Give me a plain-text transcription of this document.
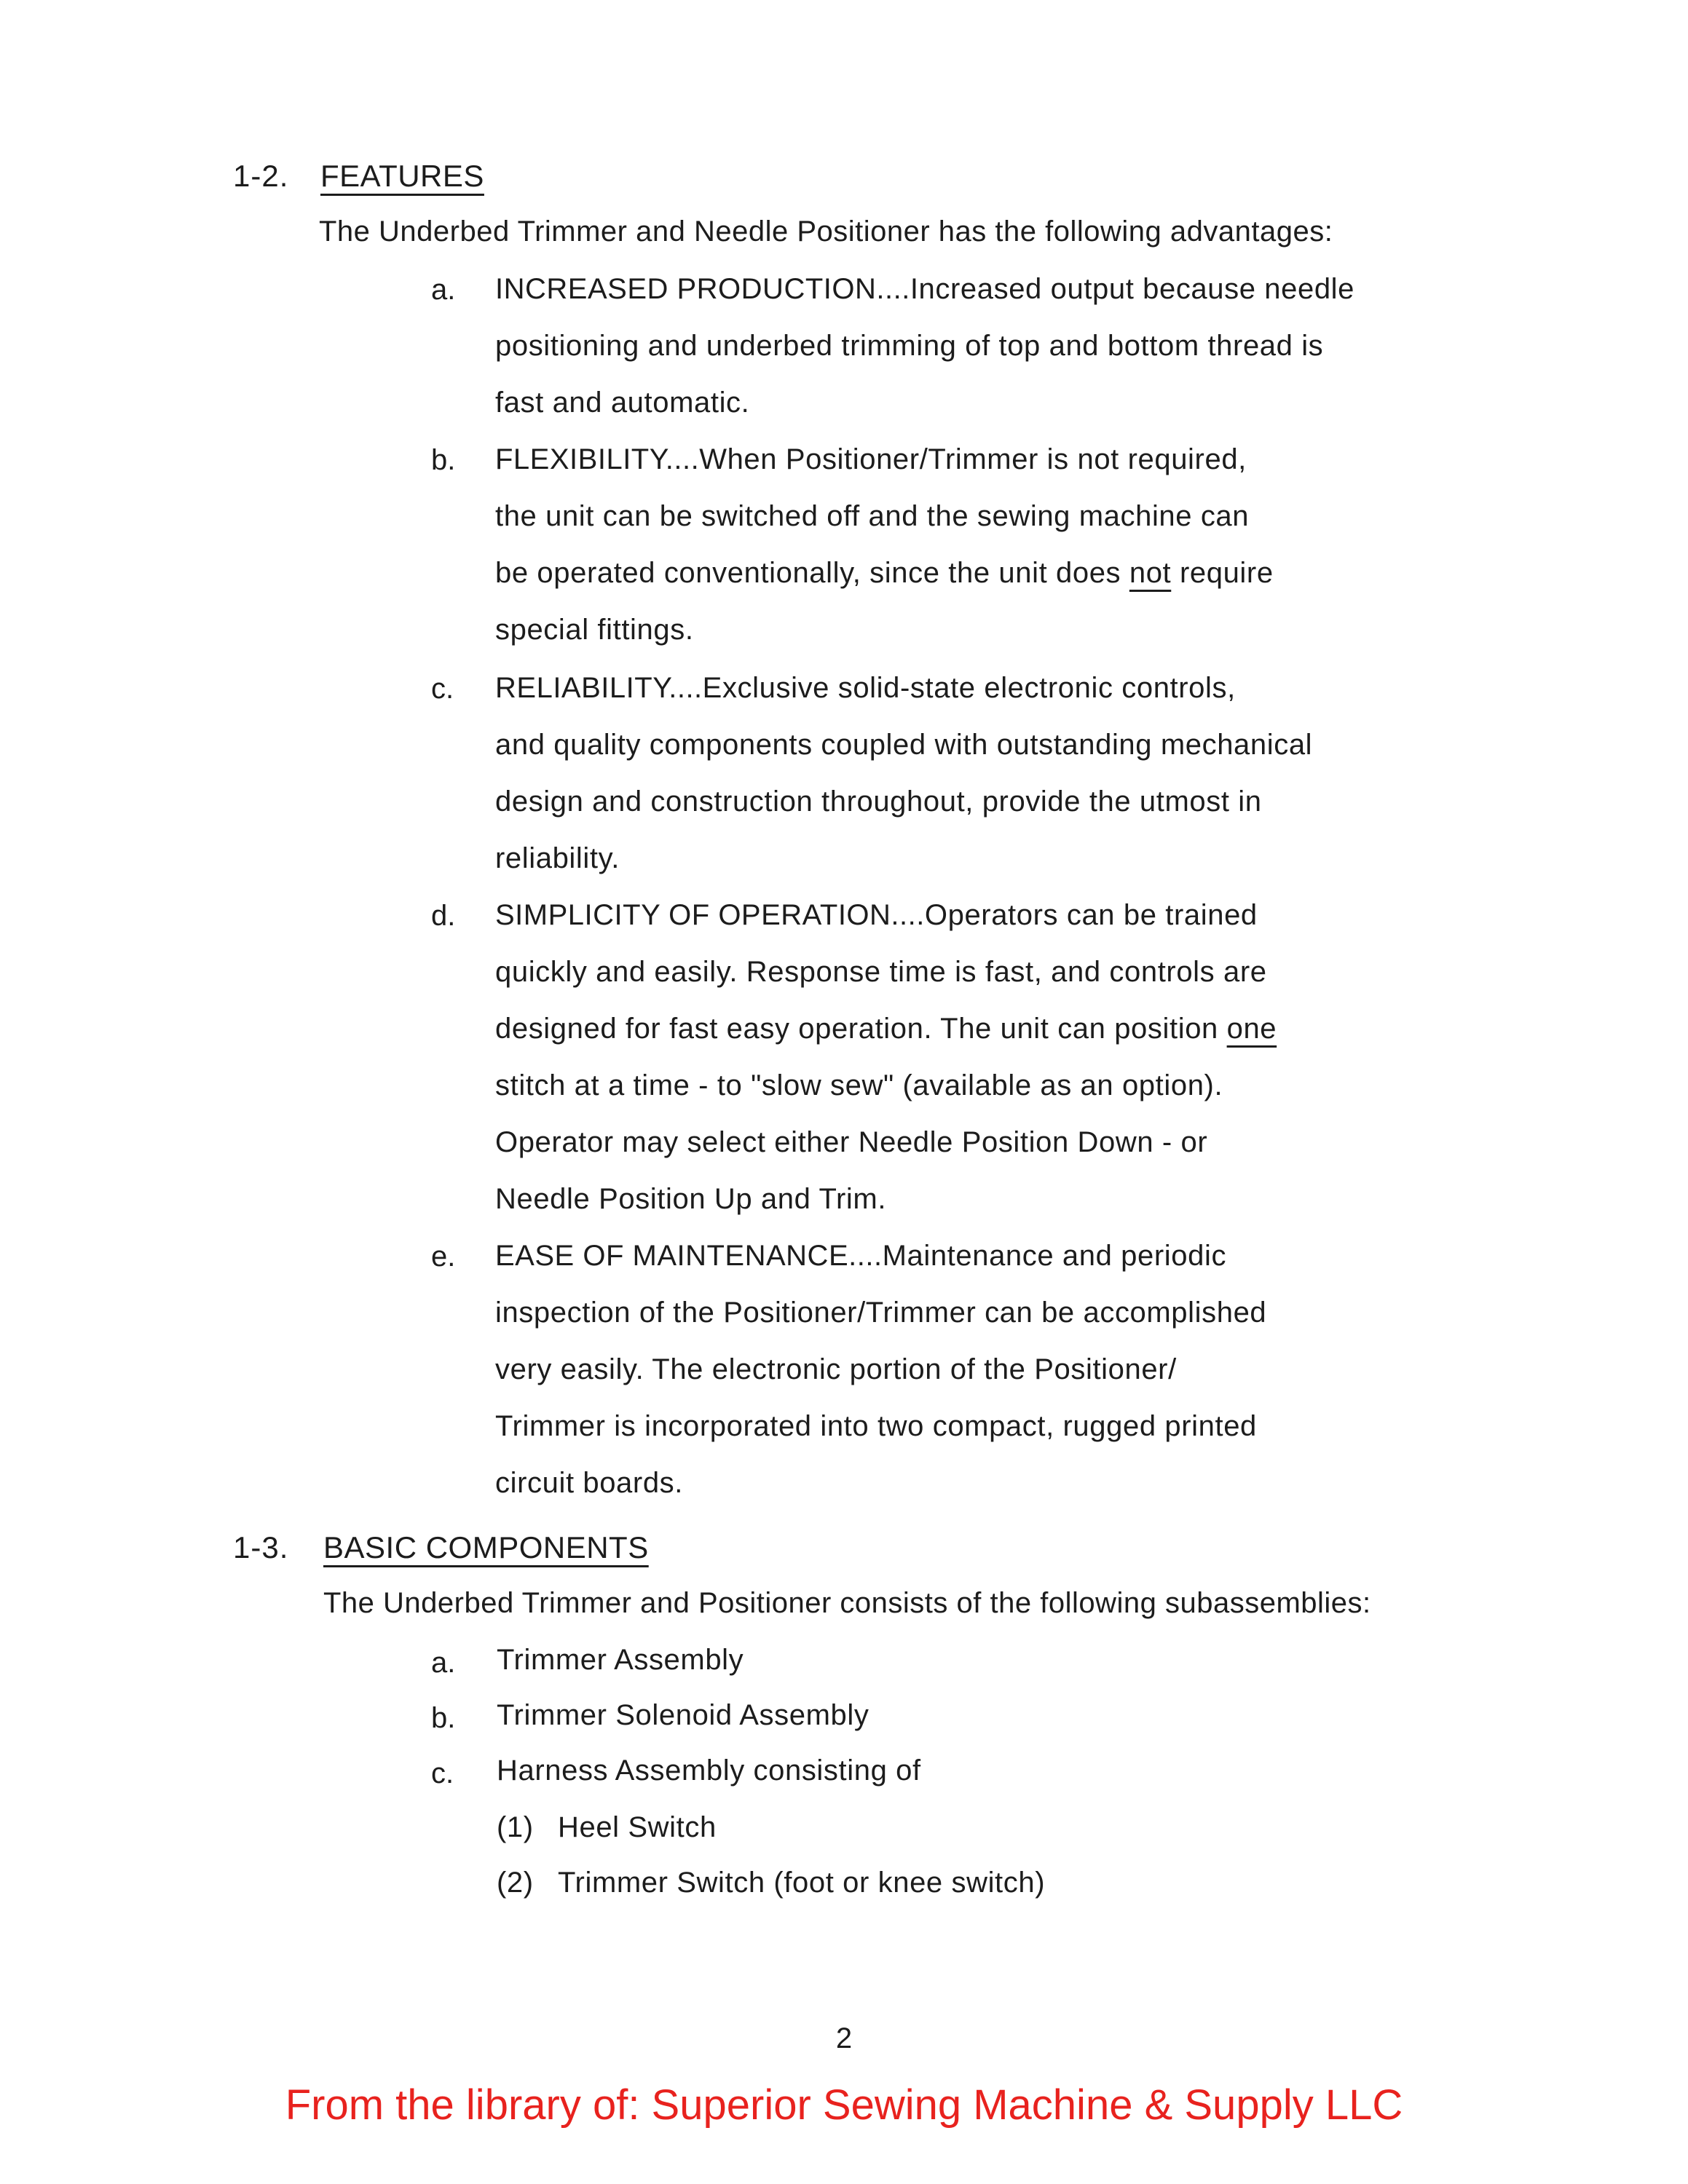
1-2. FEATURES
The Underbed Trimmer and Needle Positioner has the following advantages:
a. INCREASED PRODUCTION....Increased output because needle
positioning and underbed trimming of top and bottom thread is
fast and automatic.
b. FLEXIBILITY....When Positioner/Trimmer is not required,
the unit can be switched off and the sewing machine can
be operated conventionally, since the unit does not require
special fittings.
c. RELIABILITY....Exclusive solid-state electronic controls,
and quality components coupled with outstanding mechanical
design and construction throughout, provide the utmost in
reliability.
d. SIMPLICITY OF OPERATION....Operators can be trained
quickly and easily. Response time is fast, and controls are
designed for fast easy operation. The unit can position one
stitch at a time - to "slow sew" (available as an option).
Operator may select either Needle Position Down - or
Needle Position Up and Trim.
e. EASE OF MAINTENANCE....Maintenance and periodic
inspection of the Positioner/Trimmer can be accomplished
very easily. The electronic portion of the Positioner/
Trimmer is incorporated into two compact, rugged printed
circuit boards.
1-3. BASIC COMPONENTS
The Underbed Trimmer and Positioner consists of the following subassemblies:
a. Trimmer Assembly
b. Trimmer Solenoid Assembly
c. Harness Assembly consisting of
(1) Heel Switch
(2) Trimmer Switch (foot or knee switch)
2
From the library of: Superior Sewing Machine & Supply LLC
